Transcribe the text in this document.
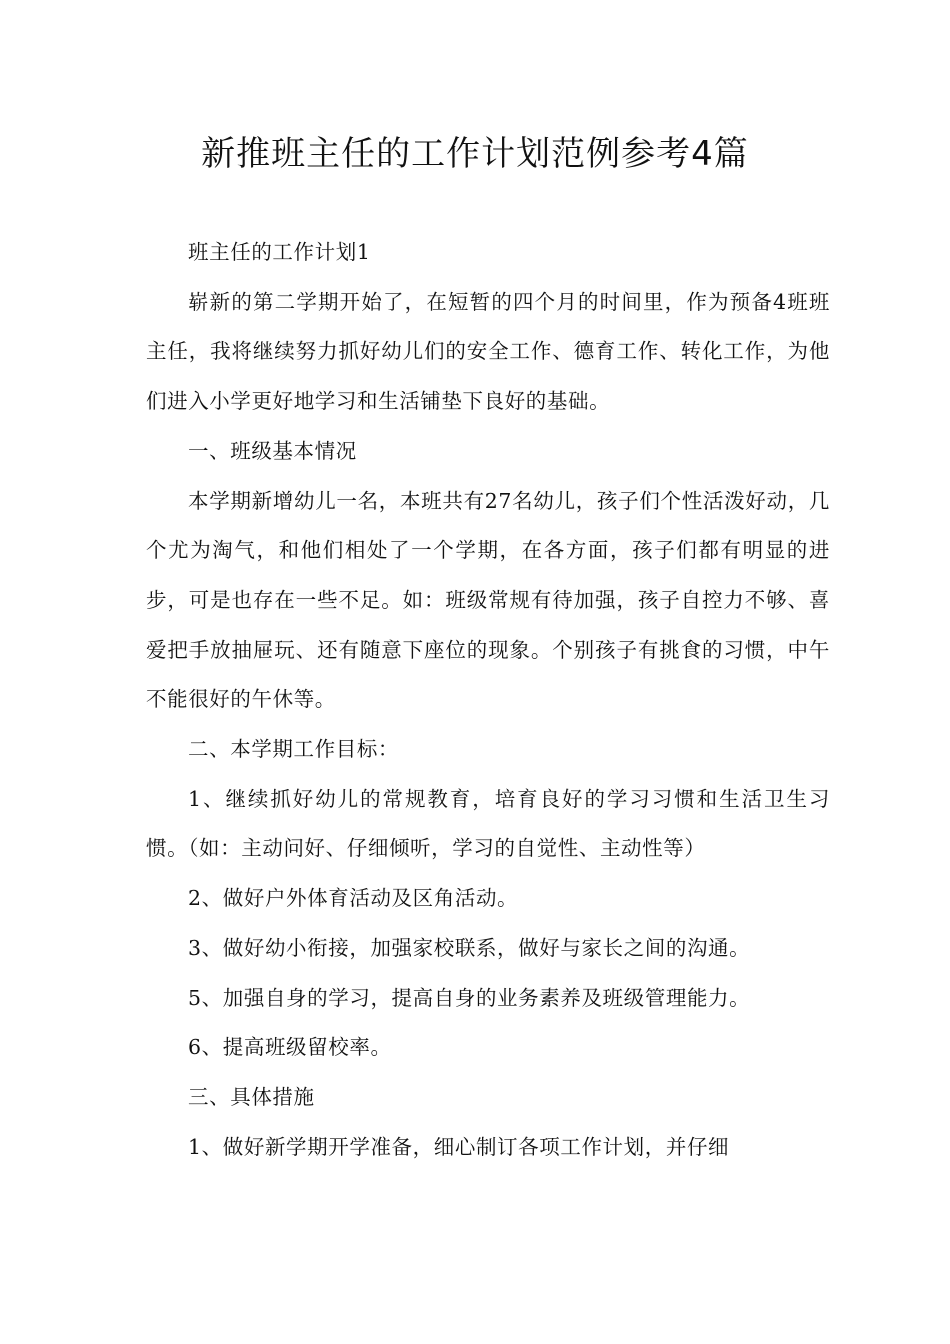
新推班主任的工作计划范例参考4篇

班主任的工作计划1

崭新的第二学期开始了，在短暂的四个月的时间里，作为预备4班班主任，我将继续努力抓好幼儿们的安全工作、德育工作、转化工作，为他们进入小学更好地学习和生活铺垫下良好的基础。

一、班级基本情况

本学期新增幼儿一名，本班共有27名幼儿，孩子们个性活泼好动，几个尤为淘气，和他们相处了一个学期，在各方面，孩子们都有明显的进步，可是也存在一些不足。如：班级常规有待加强，孩子自控力不够、喜爱把手放抽屉玩、还有随意下座位的现象。个别孩子有挑食的习惯，中午不能很好的午休等。

二、本学期工作目标：

1、继续抓好幼儿的常规教育，培育良好的学习习惯和生活卫生习惯。（如：主动问好、仔细倾听，学习的自觉性、主动性等）

2、做好户外体育活动及区角活动。

3、做好幼小衔接，加强家校联系，做好与家长之间的沟通。

5、加强自身的学习，提高自身的业务素养及班级管理能力。

6、提高班级留校率。

三、具体措施

1、做好新学期开学准备，细心制订各项工作计划，并仔细
